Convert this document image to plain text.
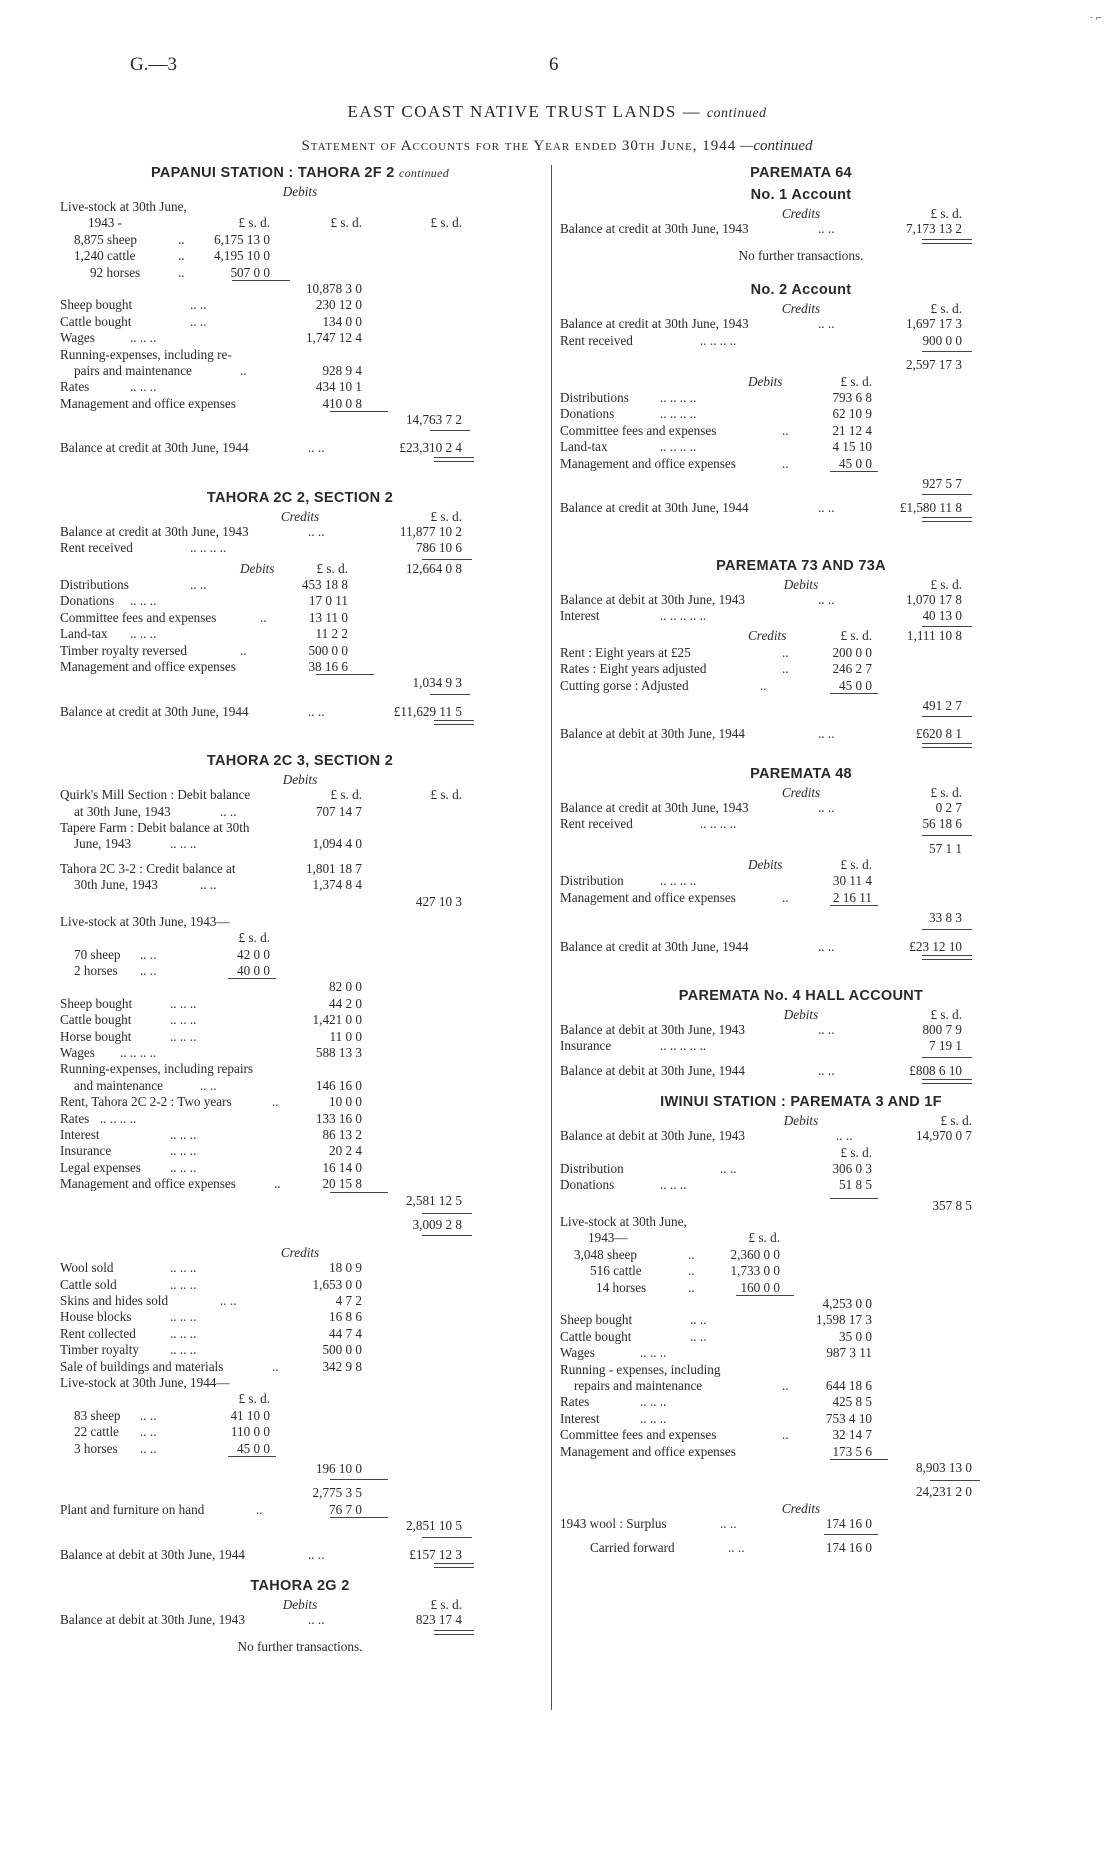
· ⌐
G.—3	6
EAST COAST NATIVE TRUST LANDS — continued
Statement of Accounts for the Year ended 30th June, 1944 —continued
PAPANUI STATION : TAHORA 2F 2 continued
Debits
Live-stock at 30th June,
1943 -	£ s. d.	£ s. d.	£ s. d.
8,875 sheep	..	6,175 13 0
1,240 cattle	..	4,195 10 0
92 horses	..	507 0 0
10,878 3 0
Sheep bought	.. ..	230 12 0
Cattle bought	.. ..	134 0 0
Wages	.. .. ..	1,747 12 4
Running-expenses, including re-
pairs and maintenance	..	928 9 4
Rates	.. .. ..	434 10 1
Management and office expenses	410 0 8
14,763 7 2
Balance at credit at 30th June, 1944	.. ..	£23,310 2 4
TAHORA 2C 2, SECTION 2
Credits	£ s. d.
Balance at credit at 30th June, 1943	.. ..	11,877 10 2
Rent received	.. .. .. ..	786 10 6
Debits	£ s. d.	12,664 0 8
Distributions	.. ..	453 18 8
Donations .. .. ..	17 0 11
Committee fees and expenses	..	13 11 0
Land-tax .. .. ..	11 2 2
Timber royalty reversed	..	500 0 0
Management and office expenses	38 16 6
1,034 9 3
Balance at credit at 30th June, 1944	.. ..	£11,629 11 5
TAHORA 2C 3, SECTION 2
Debits
Quirk's Mill Section : Debit balance	£ s. d.	£ s. d.
at 30th June, 1943	.. ..	707 14 7
Tapere Farm : Debit balance at 30th
June, 1943	.. .. ..	1,094 4 0
Tahora 2C 3-2 : Credit balance at	1,801 18 7
30th June, 1943	.. ..	1,374 8 4
427 10 3
Live-stock at 30th June, 1943—
£ s. d.
70 sheep .. ..	42 0 0
2 horses .. ..	40 0 0
82 0 0
Sheep bought	.. .. ..	44 2 0
Cattle bought	.. .. ..	1,421 0 0
Horse bought	.. .. ..	11 0 0
Wages .. .. .. ..	588 13 3
Running-expenses, including repairs
and maintenance	.. ..	146 16 0
Rent, Tahora 2C 2-2 : Two years	..	10 0 0
Rates .. .. .. ..	133 16 0
Interest	.. .. ..	86 13 2
Insurance	.. .. ..	20 2 4
Legal expenses .. .. ..	16 14 0
Management and office expenses	..	20 15 8
2,581 12 5
3,009 2 8
Credits
Wool sold	.. .. ..	18 0 9
Cattle sold	.. .. ..	1,653 0 0
Skins and hides sold	.. ..	4 7 2
House blocks	.. .. ..	16 8 6
Rent collected	.. .. ..	44 7 4
Timber royalty .. .. ..	500 0 0
Sale of buildings and materials	..	342 9 8
Live-stock at 30th June, 1944—
£ s. d.
83 sheep .. ..	41 10 0
22 cattle .. ..	110 0 0
3 horses .. ..	45 0 0
196 10 0
2,775 3 5
Plant and furniture on hand	..	76 7 0
2,851 10 5
Balance at debit at 30th June, 1944	.. ..	£157 12 3
TAHORA 2G 2
Debits	£ s. d.
Balance at debit at 30th June, 1943	.. ..	823 17 4
No further transactions.
PAREMATA 64
No. 1 Account
Credits	£ s. d.
Balance at credit at 30th June, 1943	.. ..	7,173 13 2
No further transactions.
No. 2 Account
Credits	£ s. d.
Balance at credit at 30th June, 1943	.. ..	1,697 17 3
Rent received	.. .. .. ..	900 0 0
2,597 17 3
Debits	£ s. d.
Distributions .. .. .. ..	793 6 8
Donations	.. .. .. ..	62 10 9
Committee fees and expenses	..	21 12 4
Land-tax	.. .. .. ..	4 15 10
Management and office expenses	..	45 0 0
927 5 7
Balance at credit at 30th June, 1944	.. ..	£1,580 11 8
PAREMATA 73 AND 73A
Debits	£ s. d.
Balance at debit at 30th June, 1943	.. ..	1,070 17 8
Interest	.. .. .. .. ..	40 13 0
Credits	£ s. d.	1,111 10 8
Rent : Eight years at £25	..	200 0 0
Rates : Eight years adjusted	..	246 2 7
Cutting gorse : Adjusted	..	45 0 0
491 2 7
Balance at debit at 30th June, 1944	.. ..	£620 8 1
PAREMATA 48
Credits	£ s. d.
Balance at credit at 30th June, 1943	.. ..	0 2 7
Rent received	.. .. .. ..	56 18 6
57 1 1
Debits	£ s. d.
Distribution	.. .. .. ..	30 11 4
Management and office expenses	..	2 16 11
33 8 3
Balance at credit at 30th June, 1944	.. ..	£23 12 10
PAREMATA No. 4 HALL ACCOUNT
Debits	£ s. d.
Balance at debit at 30th June, 1943	.. ..	800 7 9
Insurance	.. .. .. .. ..	7 19 1
Balance at debit at 30th June, 1944	.. ..	£808 6 10
IWINUI STATION : PAREMATA 3 AND 1F
Debits	£ s. d.
Balance at debit at 30th June, 1943	.. ..	14,970 0 7
£ s. d.
Distribution	.. ..	306 0 3
Donations	.. .. ..	51 8 5
357 8 5
Live-stock at 30th June,
1943—	£ s. d.
3,048 sheep	..	2,360 0 0
516 cattle	..	1,733 0 0
14 horses	..	160 0 0
4,253 0 0
Sheep bought	.. ..	1,598 17 3
Cattle bought	.. ..	35 0 0
Wages	.. .. ..	987 3 11
Running - expenses, including
repairs and maintenance	..	644 18 6
Rates	.. .. ..	425 8 5
Interest	.. .. ..	753 4 10
Committee fees and expenses	..	32 14 7
Management and office expenses	173 5 6
8,903 13 0
24,231 2 0
Credits
1943 wool : Surplus	.. ..	174 16 0
Carried forward	.. ..	174 16 0
